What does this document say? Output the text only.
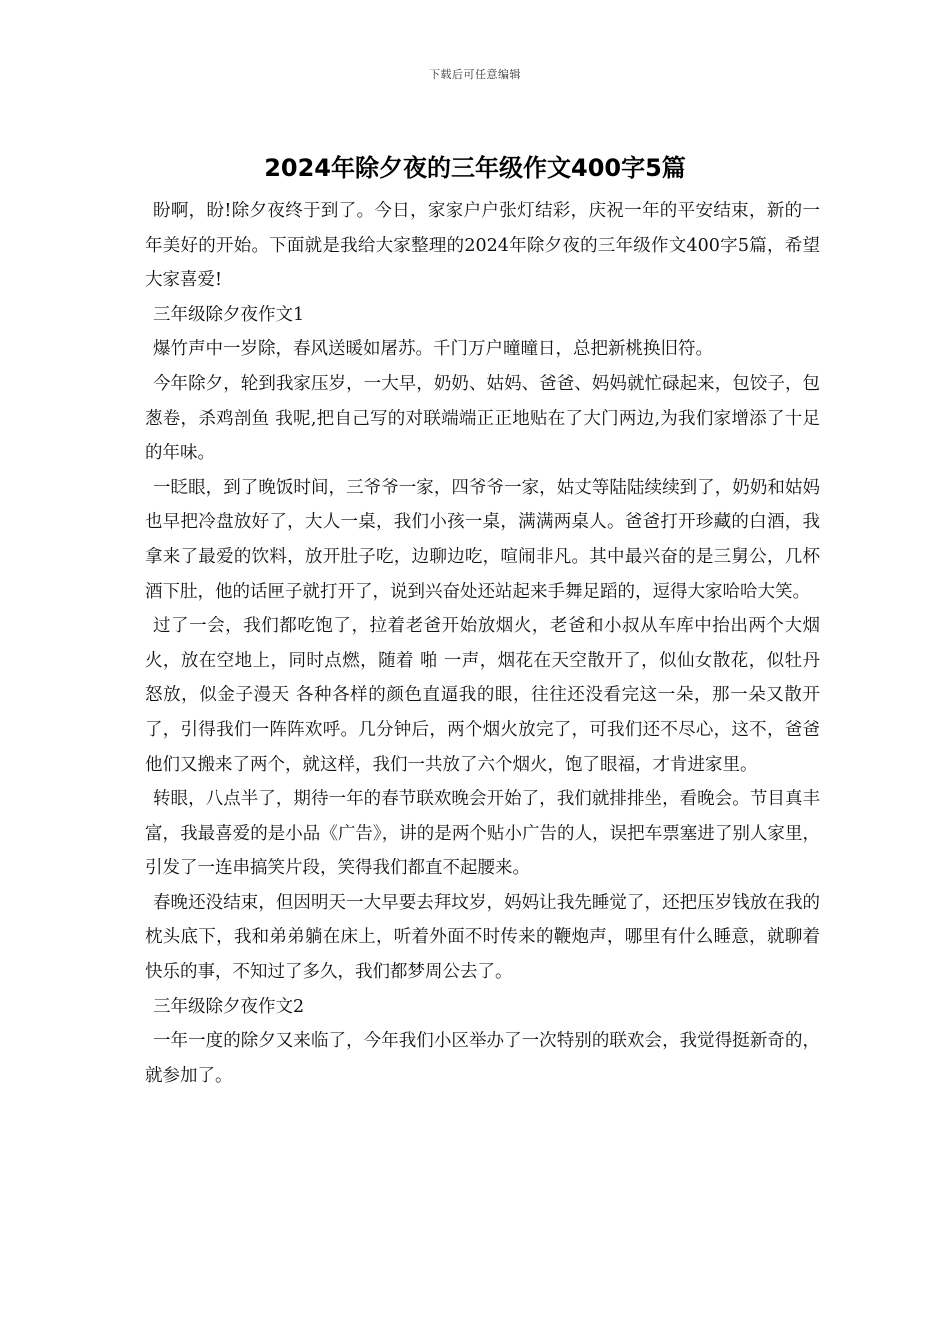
下载后可任意编辑
2024年除夕夜的三年级作文400字5篇

盼啊，盼!除夕夜终于到了。今日，家家户户张灯结彩，庆祝一年的平安结束，新的一年美好的开始。下面就是我给大家整理的2024年除夕夜的三年级作文400字5篇，希望大家喜爱!

三年级除夕夜作文1

爆竹声中一岁除，春风送暖如屠苏。千门万户曈曈日，总把新桃换旧符。

今年除夕，轮到我家压岁，一大早，奶奶、姑妈、爸爸、妈妈就忙碌起来，包饺子，包葱卷，杀鸡剖鱼 我呢,把自己写的对联端端正正地贴在了大门两边,为我们家增添了十足的年味。

一眨眼，到了晚饭时间，三爷爷一家，四爷爷一家，姑丈等陆陆续续到了，奶奶和姑妈也早把冷盘放好了，大人一桌，我们小孩一桌，满满两桌人。爸爸打开珍藏的白酒，我拿来了最爱的饮料，放开肚子吃，边聊边吃，喧闹非凡。其中最兴奋的是三舅公，几杯酒下肚，他的话匣子就打开了，说到兴奋处还站起来手舞足蹈的，逗得大家哈哈大笑。

过了一会，我们都吃饱了，拉着老爸开始放烟火，老爸和小叔从车库中抬出两个大烟火，放在空地上，同时点燃，随着 啪 一声，烟花在天空散开了，似仙女散花，似牡丹怒放，似金子漫天 各种各样的颜色直逼我的眼，往往还没看完这一朵，那一朵又散开了，引得我们一阵阵欢呼。几分钟后，两个烟火放完了，可我们还不尽心，这不，爸爸他们又搬来了两个，就这样，我们一共放了六个烟火，饱了眼福，才肯进家里。

转眼，八点半了，期待一年的春节联欢晚会开始了，我们就排排坐，看晚会。节目真丰富，我最喜爱的是小品《广告》，讲的是两个贴小广告的人，误把车票塞进了别人家里，引发了一连串搞笑片段，笑得我们都直不起腰来。

春晚还没结束，但因明天一大早要去拜坟岁，妈妈让我先睡觉了，还把压岁钱放在我的枕头底下，我和弟弟躺在床上，听着外面不时传来的鞭炮声，哪里有什么睡意，就聊着快乐的事，不知过了多久，我们都梦周公去了。

三年级除夕夜作文2

一年一度的除夕又来临了，今年我们小区举办了一次特别的联欢会，我觉得挺新奇的，就参加了。
